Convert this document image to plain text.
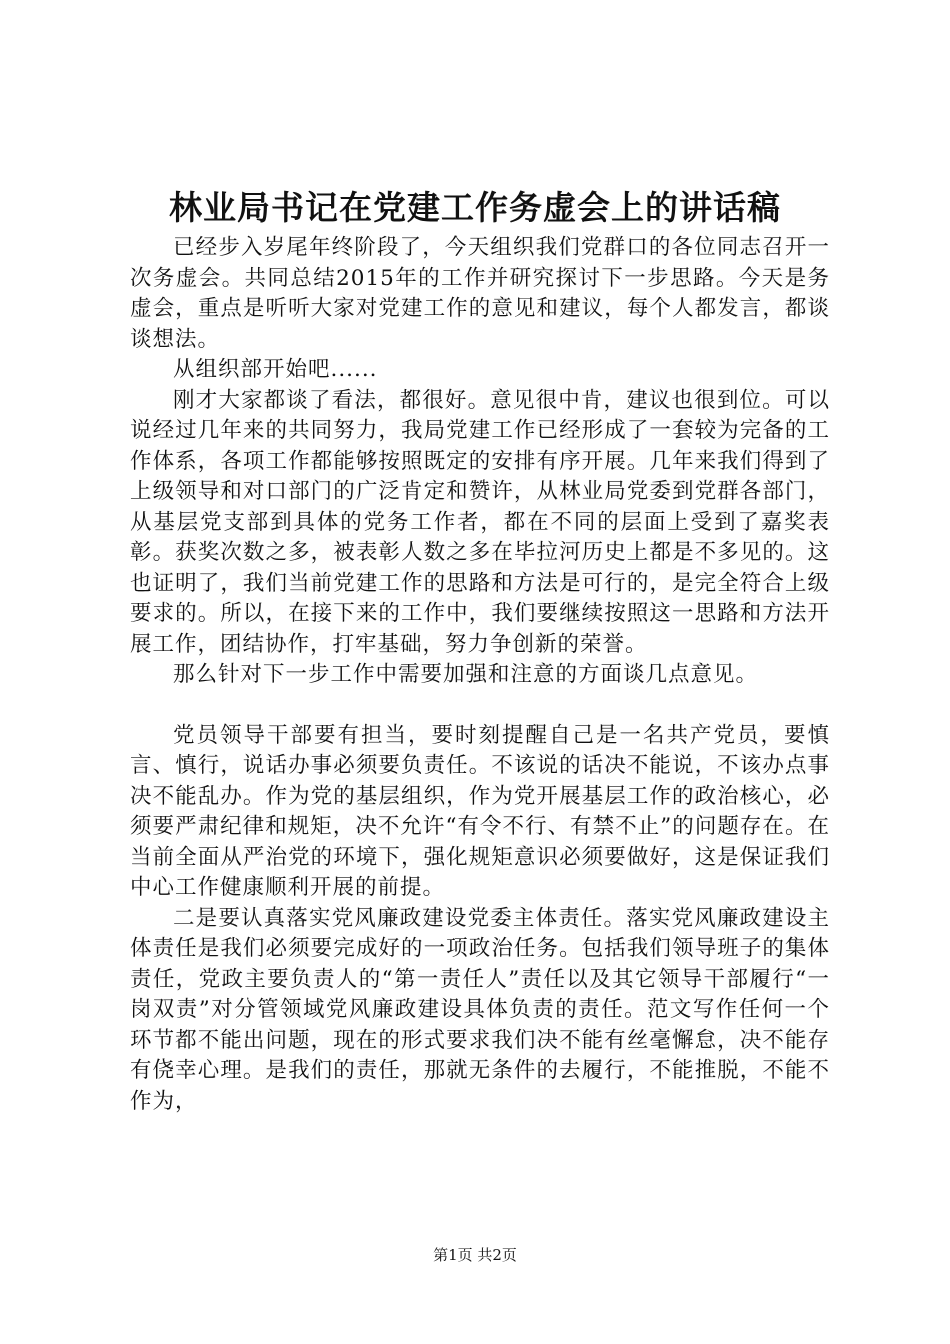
林业局书记在党建工作务虚会上的讲话稿

已经步入岁尾年终阶段了，今天组织我们党群口的各位同志召开一次务虚会。共同总结2015年的工作并研究探讨下一步思路。今天是务虚会，重点是听听大家对党建工作的意见和建议，每个人都发言，都谈谈想法。

从组织部开始吧......

刚才大家都谈了看法，都很好。意见很中肯，建议也很到位。可以说经过几年来的共同努力，我局党建工作已经形成了一套较为完备的工作体系，各项工作都能够按照既定的安排有序开展。几年来我们得到了上级领导和对口部门的广泛肯定和赞许，从林业局党委到党群各部门，从基层党支部到具体的党务工作者，都在不同的层面上受到了嘉奖表彰。获奖次数之多，被表彰人数之多在毕拉河历史上都是不多见的。这也证明了，我们当前党建工作的思路和方法是可行的，是完全符合上级要求的。所以，在接下来的工作中，我们要继续按照这一思路和方法开展工作，团结协作，打牢基础，努力争创新的荣誉。

那么针对下一步工作中需要加强和注意的方面谈几点意见。

党员领导干部要有担当，要时刻提醒自己是一名共产党员，要慎言、慎行，说话办事必须要负责任。不该说的话决不能说，不该办点事决不能乱办。作为党的基层组织，作为党开展基层工作的政治核心，必须要严肃纪律和规矩，决不允许“有令不行、有禁不止”的问题存在。在当前全面从严治党的环境下，强化规矩意识必须要做好，这是保证我们中心工作健康顺利开展的前提。

二是要认真落实党风廉政建设党委主体责任。落实党风廉政建设主体责任是我们必须要完成好的一项政治任务。包括我们领导班子的集体责任，党政主要负责人的“第一责任人”责任以及其它领导干部履行“一岗双责”对分管领域党风廉政建设具体负责的责任。范文写作任何一个环节都不能出问题，现在的形式要求我们决不能有丝毫懈怠，决不能存有侥幸心理。是我们的责任，那就无条件的去履行，不能推脱，不能不作为，

第1页 共2页
